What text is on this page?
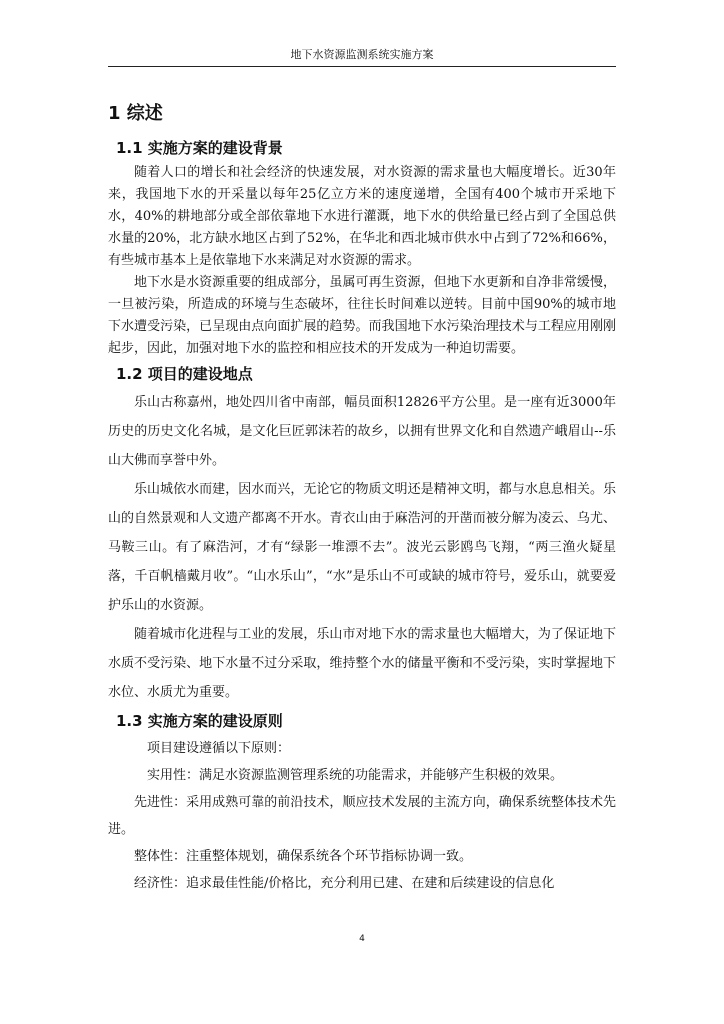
地下水资源监测系统实施方案
1 综述
1.1 实施方案的建设背景

随着人口的增长和社会经济的快速发展，对水资源的需求量也大幅度增长。近30年来，我国地下水的开采量以每年25亿立方米的速度递增，全国有400个城市开采地下水，40%的耕地部分或全部依靠地下水进行灌溉，地下水的供给量已经占到了全国总供水量的20%，北方缺水地区占到了52%，在华北和西北城市供水中占到了72%和66%，有些城市基本上是依靠地下水来满足对水资源的需求。

地下水是水资源重要的组成部分，虽属可再生资源，但地下水更新和自净非常缓慢，一旦被污染，所造成的环境与生态破坏，往往长时间难以逆转。目前中国90%的城市地下水遭受污染，已呈现由点向面扩展的趋势。而我国地下水污染治理技术与工程应用刚刚起步，因此，加强对地下水的监控和相应技术的开发成为一种迫切需要。

1.2 项目的建设地点

乐山古称嘉州，地处四川省中南部，幅员面积12826平方公里。是一座有近3000年历史的历史文化名城，是文化巨匠郭沫若的故乡，以拥有世界文化和自然遗产峨眉山--乐山大佛而享誉中外。

乐山城依水而建，因水而兴，无论它的物质文明还是精神文明，都与水息息相关。乐山的自然景观和人文遗产都离不开水。青衣山由于麻浩河的开凿而被分解为凌云、乌尤、马鞍三山。有了麻浩河，才有“绿影一堆漂不去”。波光云影鸥鸟飞翔，“两三渔火疑星落，千百帆樯戴月收”。“山水乐山”，“水”是乐山不可或缺的城市符号，爱乐山，就要爱护乐山的水资源。

随着城市化进程与工业的发展，乐山市对地下水的需求量也大幅增大，为了保证地下水质不受污染、地下水量不过分采取，维持整个水的储量平衡和不受污染，实时掌握地下水位、水质尤为重要。

1.3 实施方案的建设原则

项目建设遵循以下原则：

实用性：满足水资源监测管理系统的功能需求，并能够产生积极的效果。

先进性：采用成熟可靠的前沿技术，顺应技术发展的主流方向，确保系统整体技术先进。

整体性：注重整体规划，确保系统各个环节指标协调一致。

经济性：追求最佳性能/价格比，充分利用已建、在建和后续建设的信息化

4
